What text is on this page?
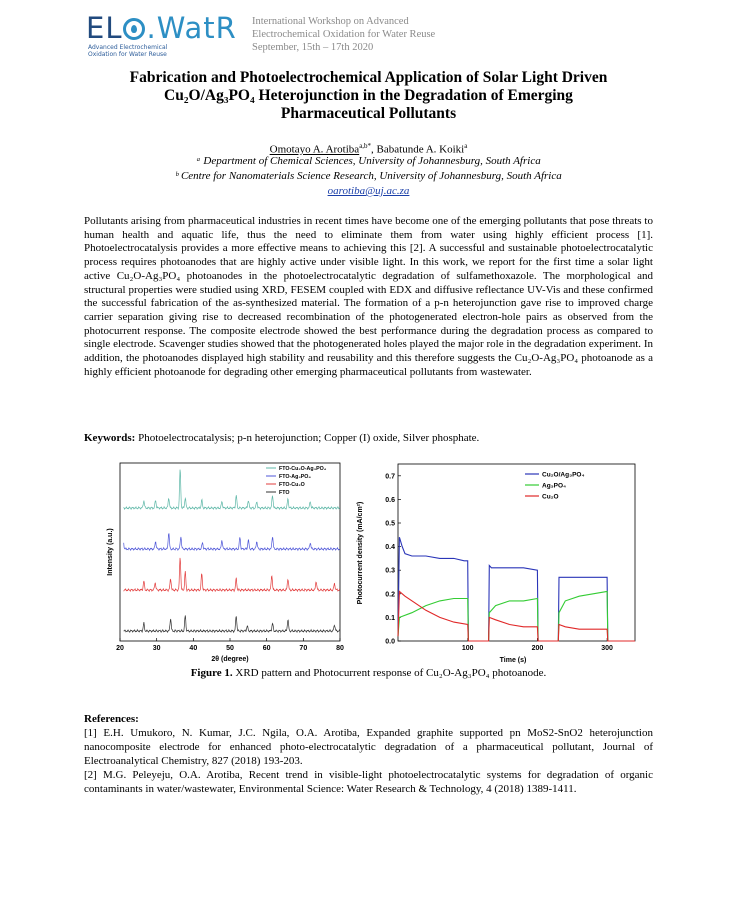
EL .WatR
Advanced Electrochemical
Oxidation for Water Reuse
International Workshop on Advanced
Electrochemical Oxidation for Water Reuse
September, 15th – 17th 2020
Fabrication and Photoelectrochemical Application of Solar Light Driven
Cu₂O/Ag₃PO₄ Heterojunction in the Degradation of Emerging
Pharmaceutical Pollutants
Omotayo A. Arotiba$^{a,b*}$, Babatunde A. Koiki$^a$
ᵃ Department of Chemical Sciences, University of Johannesburg, South Africa
ᵇ Centre for Nanomaterials Science Research, University of Johannesburg, South Africa
oarotiba@uj.ac.za
Pollutants arising from pharmaceutical industries in recent times have become one of the emerging pollutants that pose threats to human health and aquatic life, thus the need to eliminate them from water using highly efficient process [1]. Photoelectrocatalysis provides a more effective means to achieving this [2]. A successful and sustainable photoelectrocatalytic process requires photoanodes that are highly active under visible light. In this work, we report for the first time a solar light active Cu₂O-Ag₃PO₄ photoanodes in the photoelectrocatalytic degradation of sulfamethoxazole. The morphological and structural properties were studied using XRD, FESEM coupled with EDX and diffusive reflectance UV-Vis and these confirmed the successful fabrication of the as-synthesized material. The formation of a p-n heterojunction gave rise to improved charge carrier separation giving rise to decreased recombination of the photogenerated electron-hole pairs as observed from the photocurrent response. The composite electrode showed the best performance during the degradation process as compared to single electrode. Scavenger studies showed that the photogenerated holes played the major role in the degradation experiment. In addition, the photoanodes displayed high stability and reusability and this therefore suggests the Cu₂O-Ag₃PO₄ photoanode as a highly efficient photoanode for degrading other emerging pharmaceutical pollutants from wastewater.
Keywords: Photoelectrocatalysis; p-n heterojunction; Copper (I) oxide, Silver phosphate.
20	30	40	50	60	70	80
FTO-Cu₂O-Ag₃PO₄
FTO-Ag₃PO₄
FTO-Cu₂O
FTO
2θ (degree)
Intensity (a.u.)
100	200	300
0.0
0.1
0.2
0.3
0.4
0.5
0.6
0.7	Cu₂O/Ag₃PO₄
Ag₃PO₄
Cu₂O
Time (s)
Photocurrent density (mA/cm²)
Figure 1. XRD pattern and Photocurrent response of Cu₂O-Ag₃PO₄ photoanode.

References:

[1] E.H. Umukoro, N. Kumar, J.C. Ngila, O.A. Arotiba, Expanded graphite supported pn MoS2-SnO2 heterojunction nanocomposite electrode for enhanced photo-electrocatalytic degradation of a pharmaceutical pollutant, Journal of Electroanalytical Chemistry, 827 (2018) 193-203.

[2] M.G. Peleyeju, O.A. Arotiba, Recent trend in visible-light photoelectrocatalytic systems for degradation of organic contaminants in water/wastewater, Environmental Science: Water Research & Technology, 4 (2018) 1389-1411.
